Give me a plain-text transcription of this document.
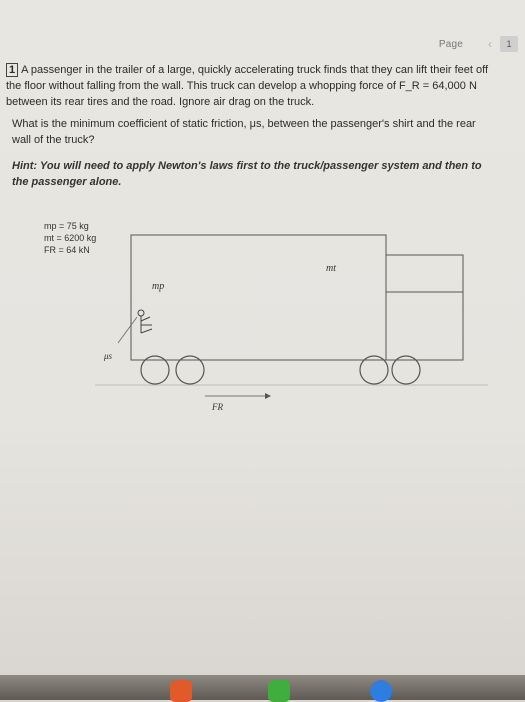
Page ‹	1

1 A passenger in the trailer of a large, quickly accelerating truck finds that they can lift their feet off the floor without falling from the wall. This truck can develop a whopping force of F_R = 64,000 N between its rear tires and the road. Ignore air drag on the truck.

What is the minimum coefficient of static friction, μs, between the passenger's shirt and the rear wall of the truck?

Hint: You will need to apply Newton's laws first to the truck/passenger system and then to the passenger alone.

mp = 75 kg
mt = 6200 kg
FR = 64 kN
mt
mp
μs
FR
